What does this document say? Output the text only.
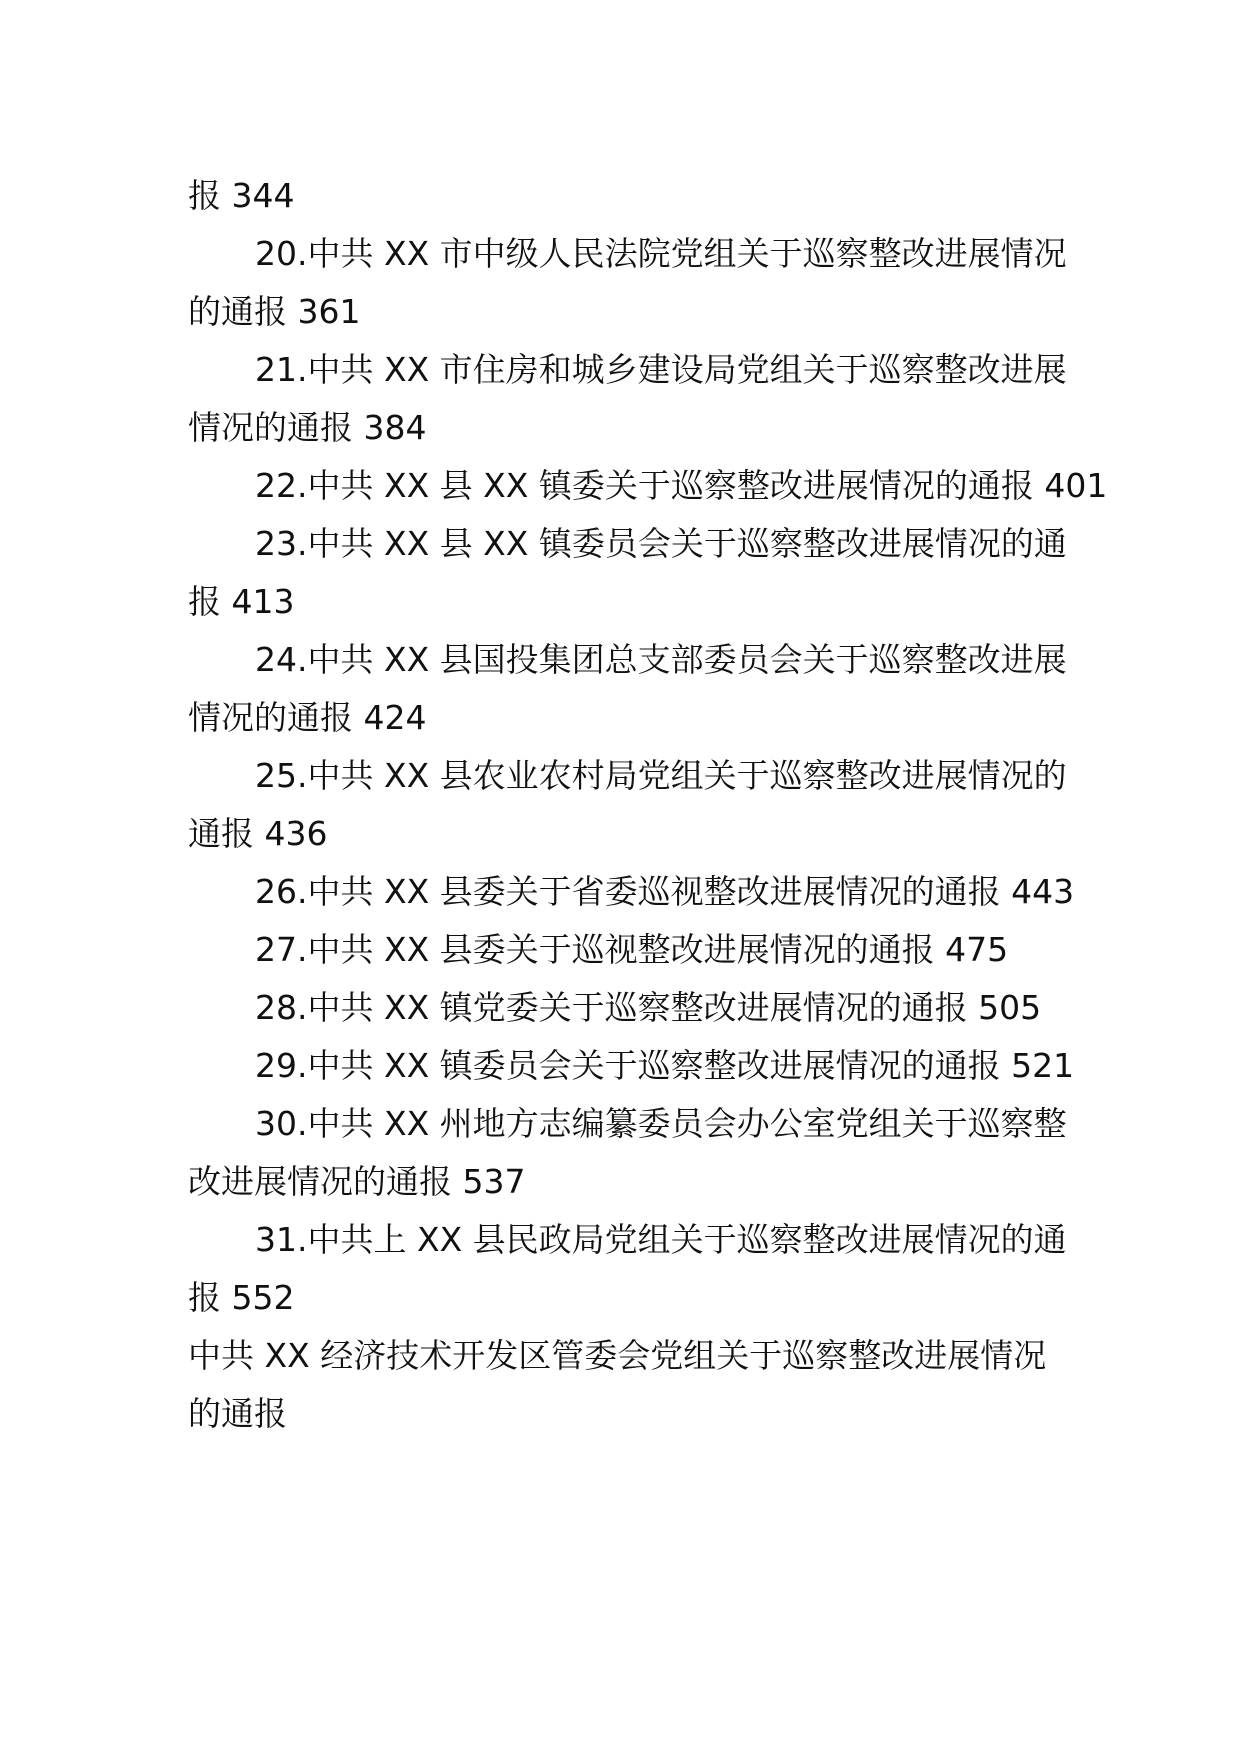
报 344
20.中共 XX 市中级人民法院党组关于巡察整改进展情况
的通报 361
21.中共 XX 市住房和城乡建设局党组关于巡察整改进展
情况的通报 384
22.中共 XX 县 XX 镇委关于巡察整改进展情况的通报 401
23.中共 XX 县 XX 镇委员会关于巡察整改进展情况的通
报 413
24.中共 XX 县国投集团总支部委员会关于巡察整改进展
情况的通报 424
25.中共 XX 县农业农村局党组关于巡察整改进展情况的
通报 436
26.中共 XX 县委关于省委巡视整改进展情况的通报 443
27.中共 XX 县委关于巡视整改进展情况的通报 475
28.中共 XX 镇党委关于巡察整改进展情况的通报 505
29.中共 XX 镇委员会关于巡察整改进展情况的通报 521
30.中共 XX 州地方志编纂委员会办公室党组关于巡察整
改进展情况的通报 537
31.中共上 XX 县民政局党组关于巡察整改进展情况的通
报 552
中共 XX 经济技术开发区管委会党组关于巡察整改进展情况
的通报
